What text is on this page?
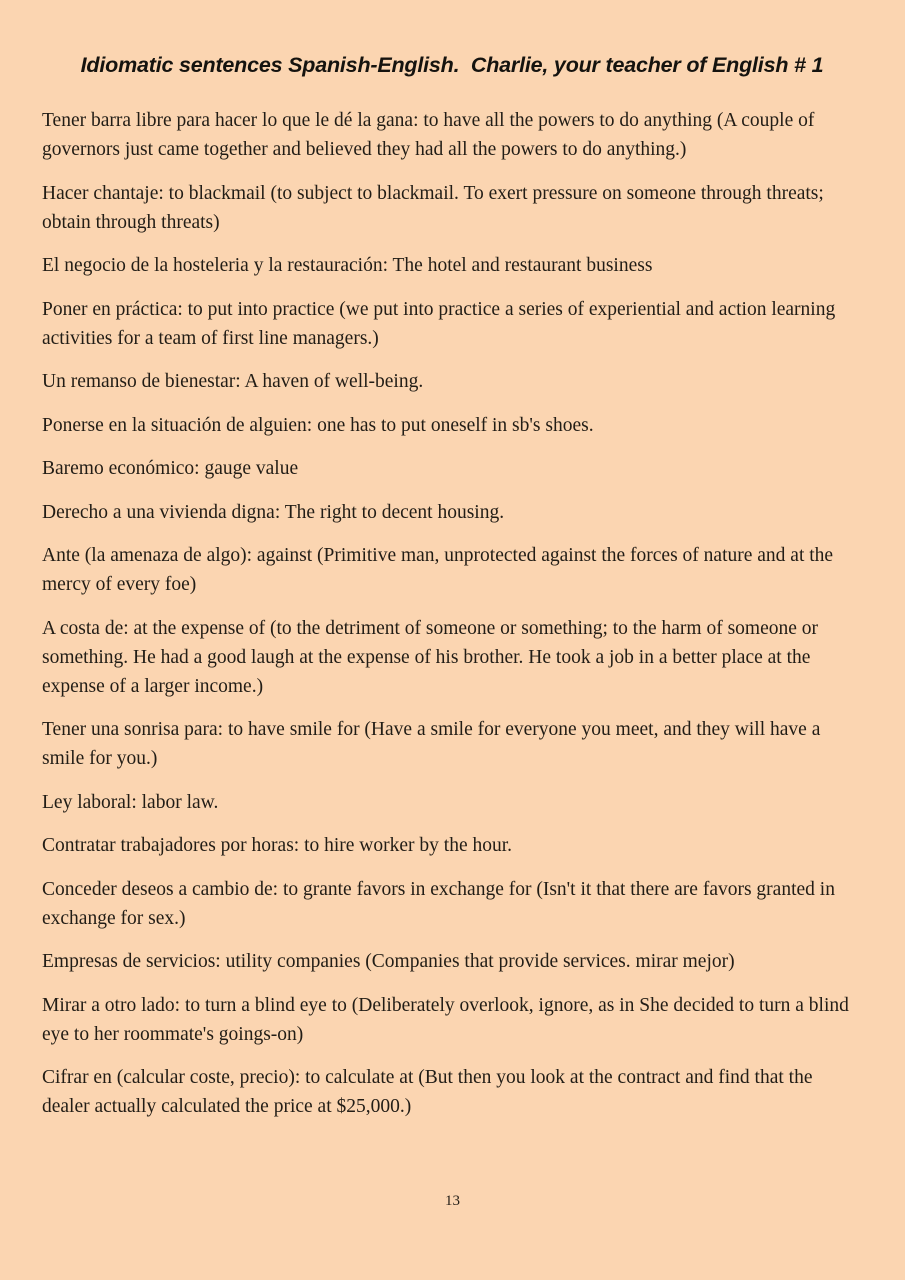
Idiomatic sentences Spanish-English.  Charlie, your teacher of English # 1

Tener barra libre para hacer lo que le dé la gana: to have all the powers to do anything (A couple of governors just came together and believed they had all the powers to do anything.)

Hacer chantaje: to blackmail (to subject to blackmail. To exert pressure on someone through threats; obtain through threats)

El negocio de la hosteleria y la restauración: The hotel and restaurant business

Poner en práctica: to put into practice (we put into practice a series of experiential and action learning activities for a team of first line managers.)

Un remanso de bienestar: A haven of well-being.

Ponerse en la situación de alguien: one has to put oneself in sb's shoes.

Baremo económico: gauge value

Derecho a una vivienda digna: The right to decent housing.

Ante (la amenaza de algo): against (Primitive man, unprotected against the forces of nature and at the mercy of every foe)

A costa de: at the expense of (to the detriment of someone or something; to the harm of someone or something. He had a good laugh at the expense of his brother. He took a job in a better place at the expense of a larger income.)

Tener una sonrisa para: to have smile for (Have a smile for everyone you meet, and they will have a smile for you.)

Ley laboral: labor law.

Contratar trabajadores por horas: to hire worker by the hour.

Conceder deseos a cambio de: to grante favors in exchange for (Isn't it that there are favors granted in exchange for sex.)

Empresas de servicios: utility companies (Companies that provide services. mirar mejor)

Mirar a otro lado: to turn a blind eye to (Deliberately overlook, ignore, as in She decided to turn a blind eye to her roommate's goings-on)

Cifrar en (calcular coste, precio): to calculate at (But then you look at the contract and find that the dealer actually calculated the price at $25,000.)

13
